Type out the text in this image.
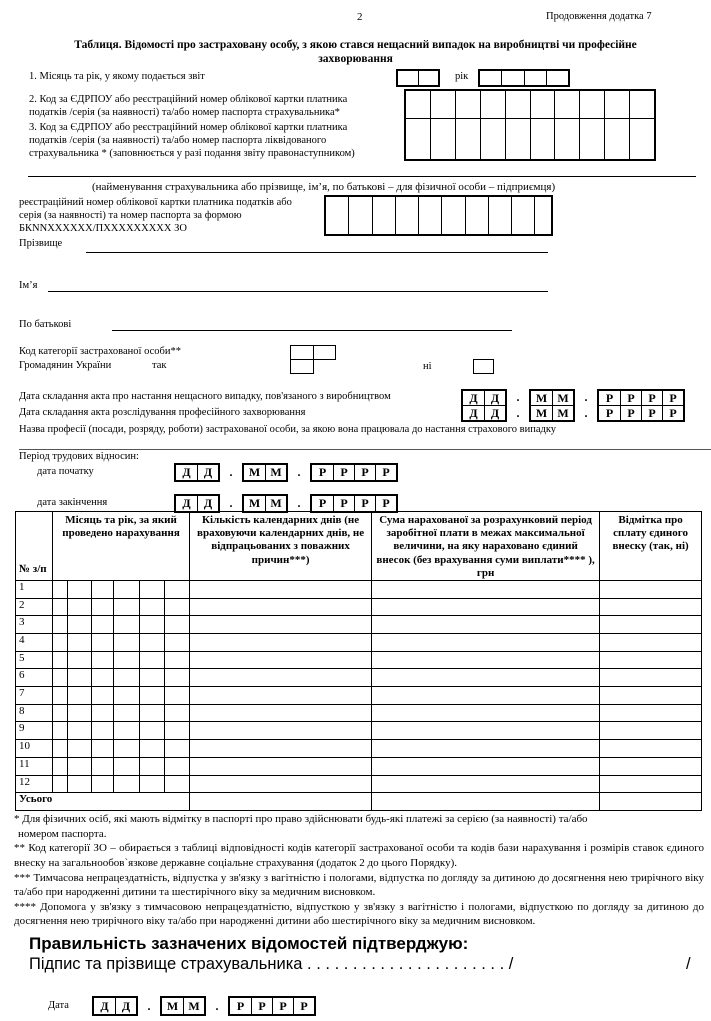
2	Продовження додатка 7
Таблиця. Відомості про застраховану особу, з якою стався нещасний випадок на виробництві чи професійне
захворювання
1. Місяць та рік, у якому подається звіт	рік
2. Код за ЄДРПОУ або реєстраційний номер облікової картки платника
податків /серія (за наявності) та/або номер паспорта страхувальника*
3. Код за ЄДРПОУ або реєстраційний номер облікової картки платника
податків /серія (за наявності) та/або номер паспорта ліквідованого
страхувальника * (заповнюється у разі подання звіту правонаступником)
(найменування страхувальника або прізвище, ім’я, по батькові – для фізичної особи – підприємця)
реєстраційний номер облікової картки платника податків або
серія (за наявності) та номер паспорта за формою
БКNNXXXXXX/ПXXXXXXXXX ЗО
Прізвище
Ім’я
По батькові
Код категорії застрахованої особи**
Громадянин України	так	ні
Дата складання акта про настання нещасного випадку, пов'язаного з виробництвом
Дата складання акта розслідування професійного захворювання
Назва професії (посади, розряду, роботи) застрахованої особи, за якою вона працювала до настання страхового випадку
Д	Д	.	М М	.	Р	Р	Р	Р
Д	Д	.	М М	.	Р	Р	Р	Р
Період трудових відносин:
дата початку	Д	Д	.	М М	.	Р	Р	Р	Р
дата закінчення	Д	Д	.	М М	.	Р	Р	Р	Р
№ з/п	Місяць та рік, за який проведено нарахування						Кількість календарних днів (не враховуючи календарних днів, не відпрацьованих з поважних причин***)	Сума нарахованої за розрахунковий період заробітної плати в межах максимальної величини, на яку нараховано єдиний внесок (без врахування суми виплати**** ), грн	Відмітка про сплату єдиного внеску (так, ні)
1									
2									
3									
4									
5									
6									
7									
8									
9									
10									
11									
12									
Усього									

* Для фізичних осіб, які мають відмітку в паспорті про право здійснювати будь-які платежі за серією (за наявності) та/або

номером паспорта.

** Код категорії ЗО – обирається з таблиці відповідності кодів категорії застрахованої особи та кодів бази нарахування і розмірів ставок єдиного внеску на загальнообов`язкове державне соціальне страхування (додаток 2 до цього Порядку).

*** Тимчасова непрацездатність, відпустка у зв'язку з вагітністю і пологами, відпустка по догляду за дитиною до досягнення нею трирічного віку та/або при народженні дитини та шестирічного віку за медичним висновком.

**** Допомога у зв'язку з тимчасовою непрацездатністю, відпусткою у зв'язку з вагітністю і пологами, відпусткою по догляду за дитиною до досягнення нею трирічного віку та/або при народженні дитини або шестирічного віку за медичним висновком.

Правильність зазначених відомостей підтверджую:
Підпис та прізвище страхувальника . . . . . . . . . . . . . . . . . . . . . . /	/
Дата	Д	Д	.	М М	.	Р	Р	Р	Р
